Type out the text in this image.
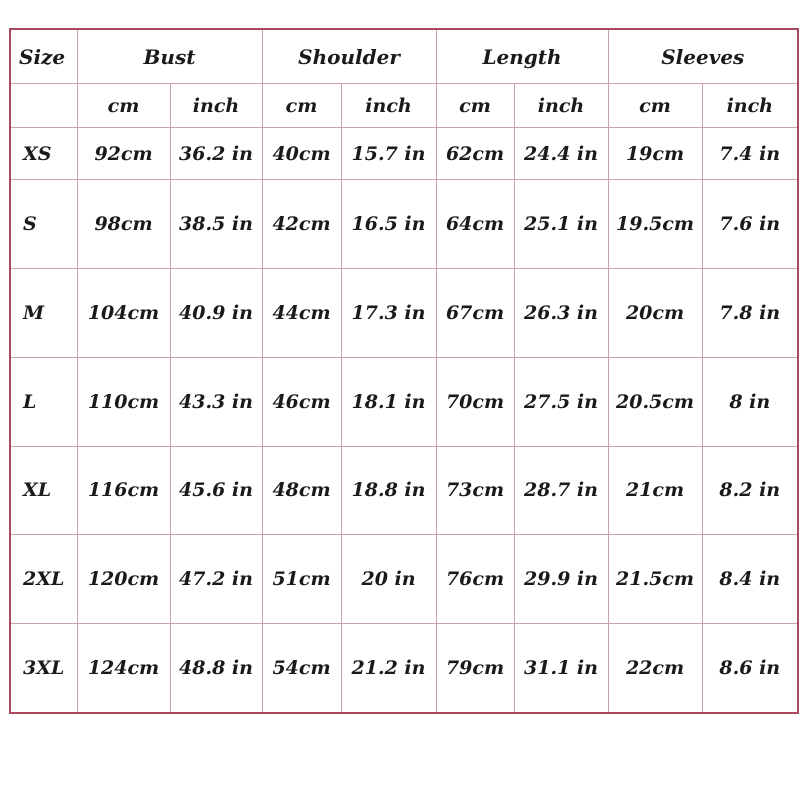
Size	Bust		Shoulder		Length		Sleeves	
	cm	inch	cm	inch	cm	inch	cm	inch
XS	92cm	36.2 in	40cm	15.7 in	62cm	24.4 in	19cm	7.4 in
S	98cm	38.5 in	42cm	16.5 in	64cm	25.1 in	19.5cm	7.6 in
M	104cm	40.9 in	44cm	17.3 in	67cm	26.3 in	20cm	7.8 in
L	110cm	43.3 in	46cm	18.1 in	70cm	27.5 in	20.5cm	8 in
XL	116cm	45.6 in	48cm	18.8 in	73cm	28.7 in	21cm	8.2 in
2XL	120cm	47.2 in	51cm	20 in	76cm	29.9 in	21.5cm	8.4 in
3XL	124cm	48.8 in	54cm	21.2 in	79cm	31.1 in	22cm	8.6 in
